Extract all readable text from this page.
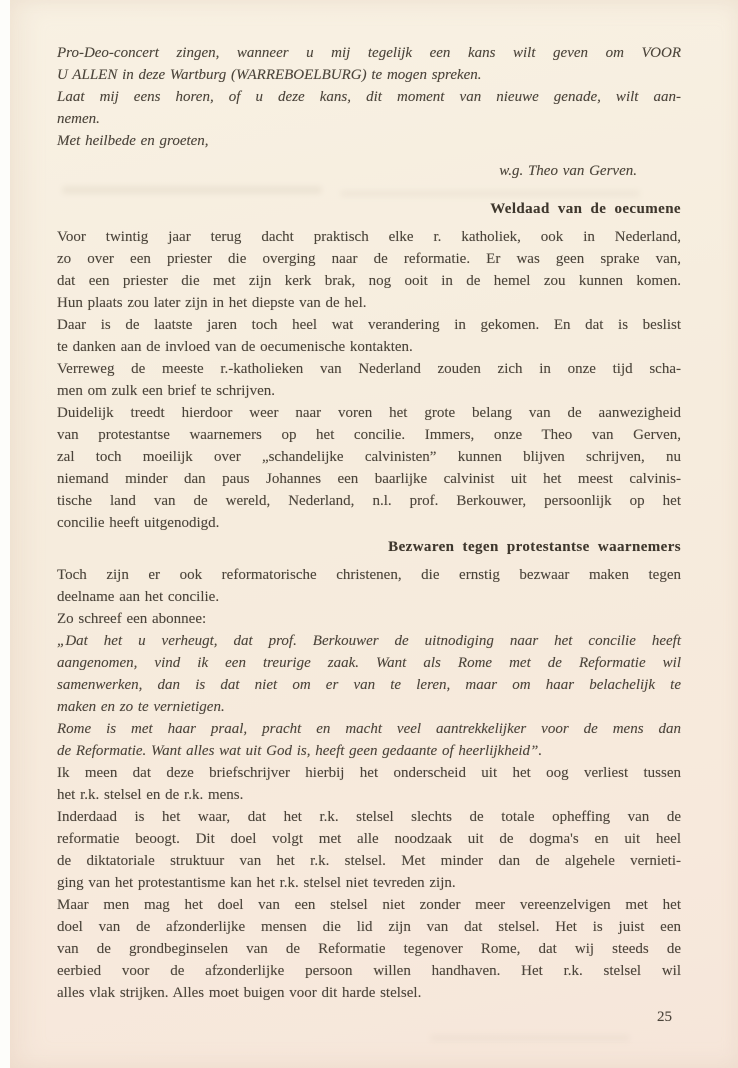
Pro-Deo-concert zingen, wanneer u mij tegelijk een kans wilt geven om VOOR
U ALLEN in deze Wartburg (WARREBOELBURG) te mogen spreken.
Laat mij eens horen, of u deze kans, dit moment van nieuwe genade, wilt aan-
nemen.
Met heilbede en groeten,
w.g. Theo van Gerven.
Weldaad van de oecumene
Voor twintig jaar terug dacht praktisch elke r. katholiek, ook in Nederland,
zo over een priester die overging naar de reformatie. Er was geen sprake van,
dat een priester die met zijn kerk brak, nog ooit in de hemel zou kunnen komen.
Hun plaats zou later zijn in het diepste van de hel.
Daar is de laatste jaren toch heel wat verandering in gekomen. En dat is beslist
te danken aan de invloed van de oecumenische kontakten.
Verreweg de meeste r.-katholieken van Nederland zouden zich in onze tijd scha-
men om zulk een brief te schrijven.
Duidelijk treedt hierdoor weer naar voren het grote belang van de aanwezigheid
van protestantse waarnemers op het concilie. Immers, onze Theo van Gerven,
zal toch moeilijk over „schandelijke calvinisten” kunnen blijven schrijven, nu
niemand minder dan paus Johannes een baarlijke calvinist uit het meest calvinis-
tische land van de wereld, Nederland, n.l. prof. Berkouwer, persoonlijk op het
concilie heeft uitgenodigd.
Bezwaren tegen protestantse waarnemers
Toch zijn er ook reformatorische christenen, die ernstig bezwaar maken tegen
deelname aan het concilie.
Zo schreef een abonnee:
„Dat het u verheugt, dat prof. Berkouwer de uitnodiging naar het concilie heeft
aangenomen, vind ik een treurige zaak. Want als Rome met de Reformatie wil
samenwerken, dan is dat niet om er van te leren, maar om haar belachelijk te
maken en zo te vernietigen.
Rome is met haar praal, pracht en macht veel aantrekkelijker voor de mens dan
de Reformatie. Want alles wat uit God is, heeft geen gedaante of heerlijkheid”.
Ik meen dat deze briefschrijver hierbij het onderscheid uit het oog verliest tussen
het r.k. stelsel en de r.k. mens.
Inderdaad is het waar, dat het r.k. stelsel slechts de totale opheffing van de
reformatie beoogt. Dit doel volgt met alle noodzaak uit de dogma's en uit heel
de diktatoriale struktuur van het r.k. stelsel. Met minder dan de algehele vernieti-
ging van het protestantisme kan het r.k. stelsel niet tevreden zijn.
Maar men mag het doel van een stelsel niet zonder meer vereenzelvigen met het
doel van de afzonderlijke mensen die lid zijn van dat stelsel. Het is juist een
van de grondbeginselen van de Reformatie tegenover Rome, dat wij steeds de
eerbied voor de afzonderlijke persoon willen handhaven. Het r.k. stelsel wil
alles vlak strijken. Alles moet buigen voor dit harde stelsel.
25
